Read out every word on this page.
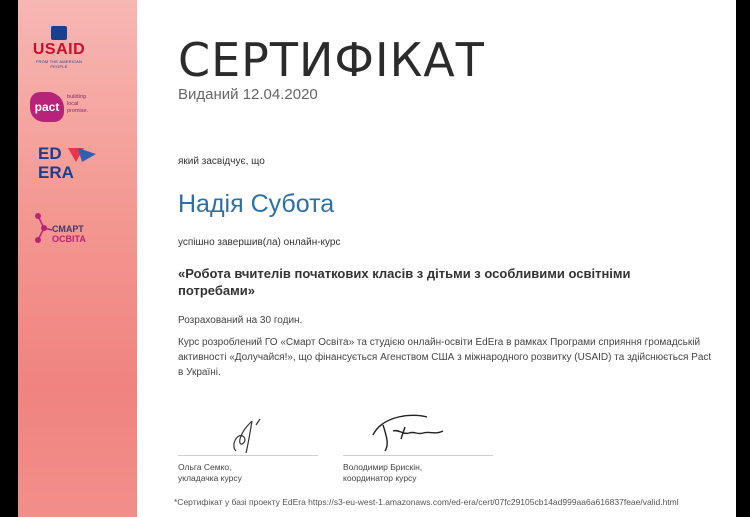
USAID
FROM THE AMERICAN PEOPLE
pact
building
local
promise.
ED
ERA
СМАРТ
ОСВІТА
СЕРТИФІКАТ
Виданий 12.04.2020
який засвідчує, що
Надія Субота
успішно завершив(ла) онлайн-курс
«Робота вчителів початкових класів з дітьми з особливими освітніми потребами»
Розрахований на 30 годин.
Курс розроблений ГО «Смарт Освіта» та студією онлайн-освіти EdEra в рамках Програми сприяння громадській активності «Долучайся!», що фінансується Агенством США з міжнародного розвитку (USAID) та здійснюється Pact в Україні.
Ольга Семко,
укладачка курсу
Володимир Брискін,
координатор курсу
*Сертифікат у базі проекту EdEra https://s3-eu-west-1.amazonaws.com/ed-era/cert/07fc29105cb14ad999aa6a616837feae/valid.html
